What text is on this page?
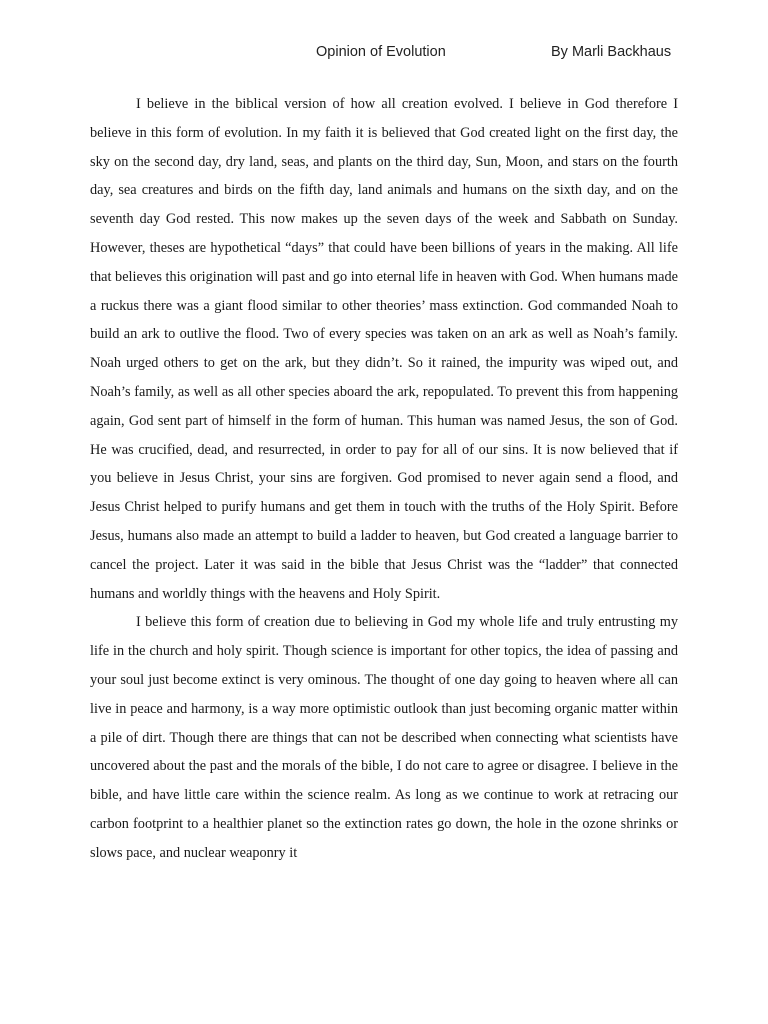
Opinion of Evolution	By Marli Backhaus

I believe in the biblical version of how all creation evolved. I believe in God therefore I believe in this form of evolution. In my faith it is believed that God created light on the first day, the sky on the second day, dry land, seas, and plants on the third day, Sun, Moon, and stars on the fourth day, sea creatures and birds on the fifth day, land animals and humans on the sixth day, and on the seventh day God rested. This now makes up the seven days of the week and Sabbath on Sunday. However, theses are hypothetical “days” that could have been billions of years in the making. All life that believes this origination will past and go into eternal life in heaven with God. When humans made a ruckus there was a giant flood similar to other theories’ mass extinction. God commanded Noah to build an ark to outlive the flood. Two of every species was taken on an ark as well as Noah’s family. Noah urged others to get on the ark, but they didn’t. So it rained, the impurity was wiped out, and Noah’s family, as well as all other species aboard the ark, repopulated. To prevent this from happening again, God sent part of himself in the form of human. This human was named Jesus, the son of God. He was crucified, dead, and resurrected, in order to pay for all of our sins. It is now believed that if you believe in Jesus Christ, your sins are forgiven. God promised to never again send a flood, and Jesus Christ helped to purify humans and get them in touch with the truths of the Holy Spirit. Before Jesus, humans also made an attempt to build a ladder to heaven, but God created a language barrier to cancel the project. Later it was said in the bible that Jesus Christ was the “ladder” that connected humans and worldly things with the heavens and Holy Spirit.

I believe this form of creation due to believing in God my whole life and truly entrusting my life in the church and holy spirit. Though science is important for other topics, the idea of passing and your soul just become extinct is very ominous. The thought of one day going to heaven where all can live in peace and harmony, is a way more optimistic outlook than just becoming organic matter within a pile of dirt. Though there are things that can not be described when connecting what scientists have uncovered about the past and the morals of the bible, I do not care to agree or disagree. I believe in the bible, and have little care within the science realm. As long as we continue to work at retracing our carbon footprint to a healthier planet so the extinction rates go down, the hole in the ozone shrinks or slows pace, and nuclear weaponry it
